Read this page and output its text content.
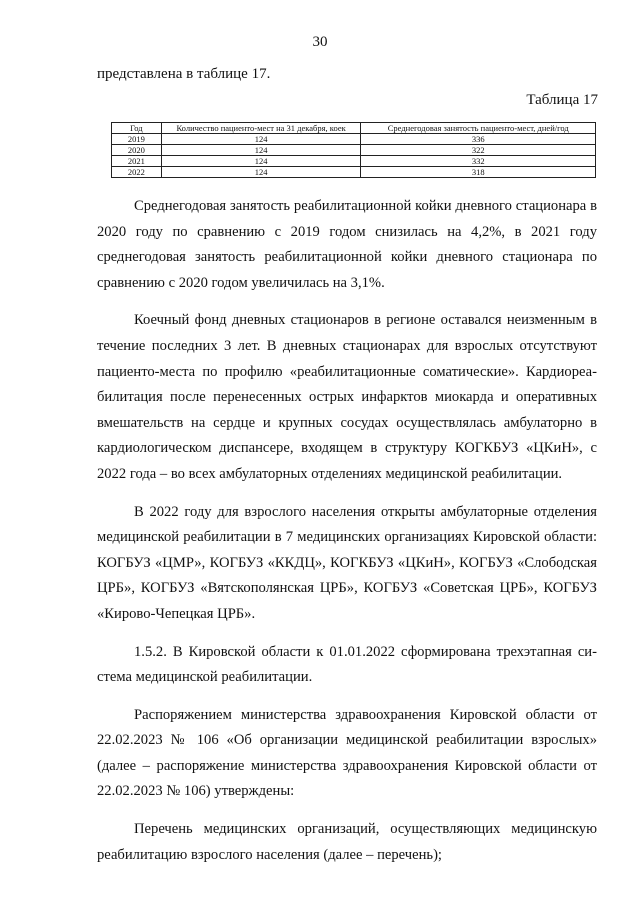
30
представлена в таблице 17.
Таблица 17
Год	Количество пациенто-мест на 31 декабря, коек	Среднегодовая занятость пациенто-мест, дней/год
2019	124	336
2020	124	322
2021	124	332
2022	124	318

Среднегодовая занятость реабилитационной койки дневного стационара в 2020 году по сравнению с 2019 годом снизилась на 4,2%, в 2021 году среднегодовая занятость реабилитационной койки дневного стационара по сравнению с 2020 годом увеличилась на 3,1%.

Коечный фонд дневных стационаров в регионе оставался неизменным в течение последних 3 лет. В дневных стационарах для взрослых отсутствуют пациенто-места по профилю «реабилитационные соматические». Кардиореабилитация после перенесенных острых инфарктов миокарда и оперативных вмешательств на сердце и крупных сосудах осуществлялась амбулаторно в кардиологическом диспансере, входящем в структуру КОГКБУЗ «ЦКиН», с 2022 года – во всех амбулаторных отделениях медицинской реабилитации.

В 2022 году для взрослого населения открыты амбулаторные отделения медицинской реабилитации в 7 медицинских организациях Кировской области: КОГБУЗ «ЦМР», КОГБУЗ «ККДЦ», КОГКБУЗ «ЦКиН», КОГБУЗ «Слободская ЦРБ», КОГБУЗ «Вятскополянская ЦРБ», КОГБУЗ «Советская ЦРБ», КОГБУЗ «Кирово-Чепецкая ЦРБ».

1.5.2. В Кировской области к 01.01.2022 сформирована трехэтапная система медицинской реабилитации.

Распоряжением министерства здравоохранения Кировской области от 22.02.2023 № 106 «Об организации медицинской реабилитации взрослых» (далее – распоряжение министерства здравоохранения Кировской области от 22.02.2023 № 106) утверждены:

Перечень медицинских организаций, осуществляющих медицинскую реабилитацию взрослого населения (далее – перечень);
